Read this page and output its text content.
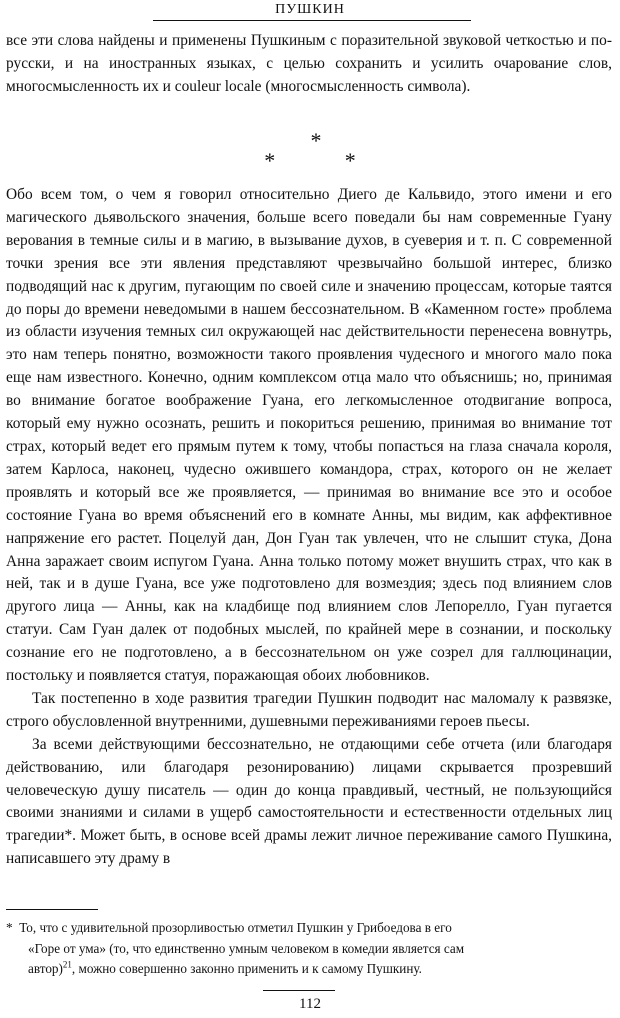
ПУШКИН

все эти слова найдены и применены Пушкиным с поразительной звуковой четкостью и по-русски, и на иностранных языках, с целью сохранить и усилить очарование слов, многосмысленность их и couleur locale (многосмысленность символа).

*
* *

Обо всем том, о чем я говорил относительно Диего де Кальвидо, этого имени и его магического дьявольского значения, больше всего поведали бы нам современные Гуану верования в темные силы и в магию, в вызывание духов, в суеверия и т. п. С современной точки зрения все эти явления представляют чрезвычайно большой интерес, близко подводящий нас к другим, пугающим по своей силе и значению процессам, которые таятся до поры до времени неведомыми в нашем бессознательном. В «Каменном госте» проблема из области изучения темных сил окружающей нас действительности перенесена вовнутрь, это нам теперь понятно, возможности такого проявления чудесного и многого мало пока еще нам известного. Конечно, одним комплексом отца мало что объяснишь; но, принимая во внимание богатое воображение Гуана, его легкомысленное отодвигание вопроса, который ему нужно осознать, решить и покориться решению, принимая во внимание тот страх, который ведет его прямым путем к тому, чтобы попасться на глаза сначала короля, затем Карлоса, наконец, чудесно ожившего командора, страх, которого он не желает проявлять и который все же проявляется, — принимая во внимание все это и особое состояние Гуана во время объяснений его в комнате Анны, мы видим, как аффективное напряжение его растет. Поцелуй дан, Дон Гуан так увлечен, что не слышит стука, Дона Анна заражает своим испугом Гуана. Анна только потому может внушить страх, что как в ней, так и в душе Гуана, все уже подготовлено для возмездия; здесь под влиянием слов другого лица — Анны, как на кладбище под влиянием слов Лепорелло, Гуан пугается статуи. Сам Гуан далек от подобных мыслей, по крайней мере в сознании, и поскольку сознание его не подготовлено, а в бессознательном он уже созрел для галлюцинации, постольку и появляется статуя, поражающая обоих любовников.

Так постепенно в ходе развития трагедии Пушкин подводит нас маломалу к развязке, строго обусловленной внутренними, душевными переживаниями героев пьесы.

За всеми действующими бессознательно, не отдающими себе отчета (или благодаря действованию, или благодаря резонированию) лицами скрывается прозревший человеческую душу писатель — один до конца правдивый, честный, не пользующийся своими знаниями и силами в ущерб самостоятельности и естественности отдельных лиц трагедии*. Может быть, в основе всей драмы лежит личное переживание самого Пушкина, написавшего эту драму в

* То, что с удивительной прозорливостью отметил Пушкин у Грибоедова в его
«Горе от ума» (то, что единственно умным человеком в комедии является сам
автор)$^{21}$, можно совершенно законно применить и к самому Пушкину.
112
